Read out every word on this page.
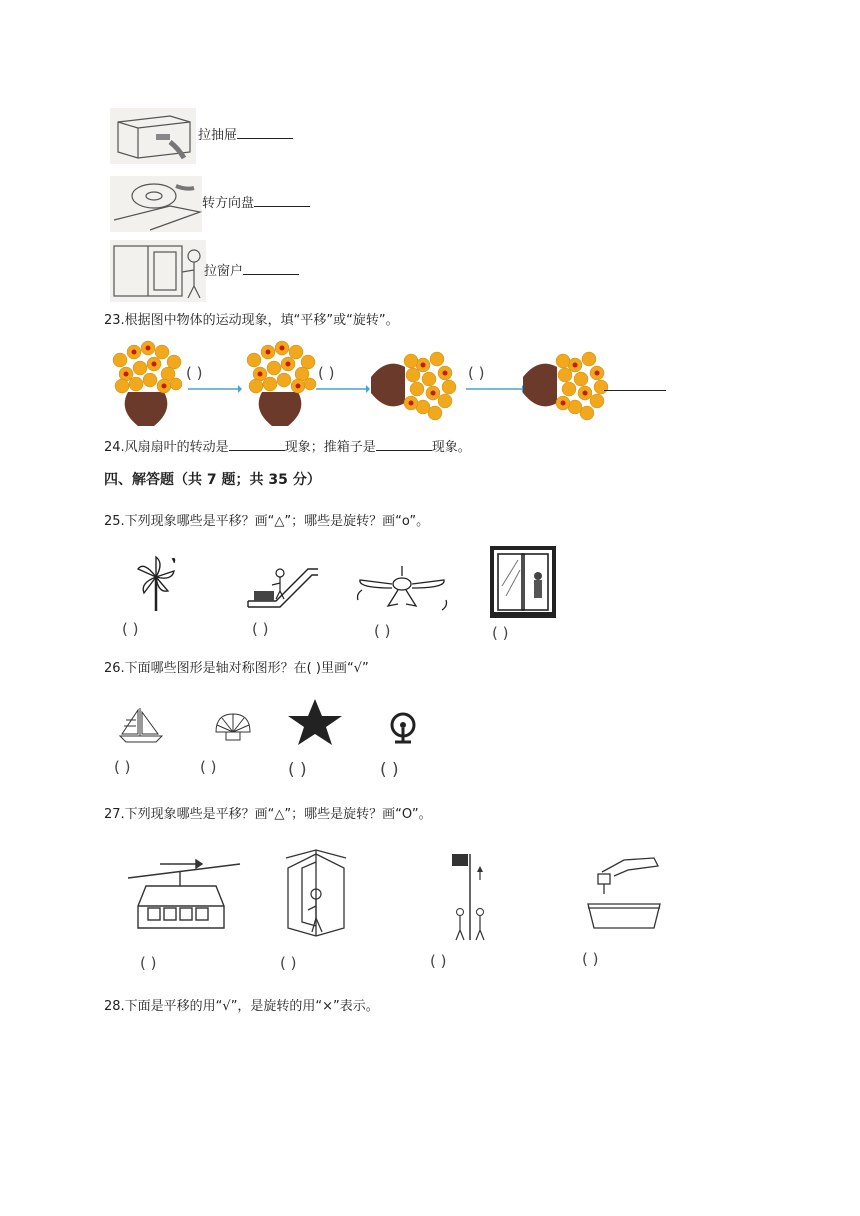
拉抽屉
转方向盘
拉窗户
23.根据图中物体的运动现象，填“平移”或“旋转”。
( )	( )	( )
24.风扇扇叶的转动是	现象；推箱子是	现象。
四、解答题（共 7 题；共 35 分）
25.下列现象哪些是平移？画“△”；哪些是旋转？画“o”。
( )	( )	( )	( )
26.下面哪些图形是轴对称图形？在( )里画“√”
( )	( )	( )	( )
27.下列现象哪些是平移？画“△”；哪些是旋转？画“O”。
( )	( )	( )	( )
28.下面是平移的用“√”，是旋转的用“×”表示。
